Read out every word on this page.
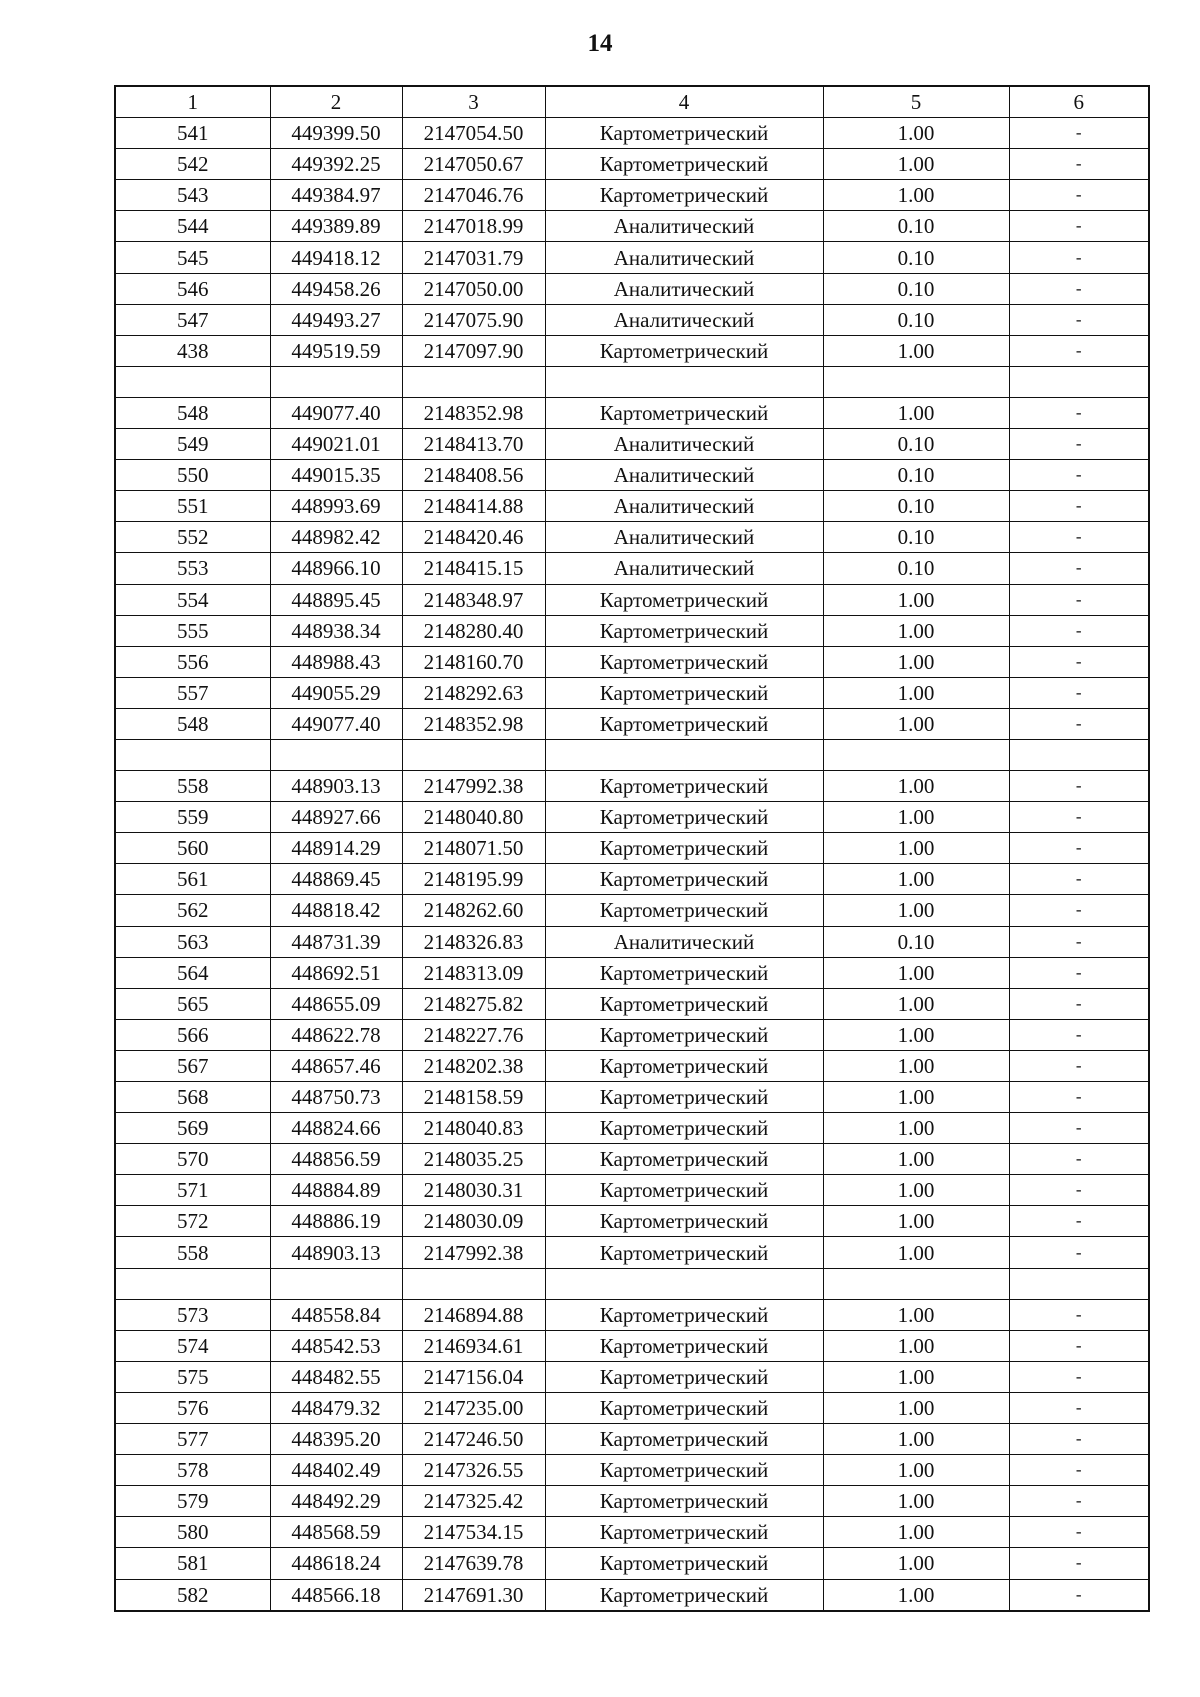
14
1	2	3	4	5	6
541	449399.50	2147054.50	Картометрический	1.00	-
542	449392.25	2147050.67	Картометрический	1.00	-
543	449384.97	2147046.76	Картометрический	1.00	-
544	449389.89	2147018.99	Аналитический	0.10	-
545	449418.12	2147031.79	Аналитический	0.10	-
546	449458.26	2147050.00	Аналитический	0.10	-
547	449493.27	2147075.90	Аналитический	0.10	-
438	449519.59	2147097.90	Картометрический	1.00	-

548	449077.40	2148352.98	Картометрический	1.00	-
549	449021.01	2148413.70	Аналитический	0.10	-
550	449015.35	2148408.56	Аналитический	0.10	-
551	448993.69	2148414.88	Аналитический	0.10	-
552	448982.42	2148420.46	Аналитический	0.10	-
553	448966.10	2148415.15	Аналитический	0.10	-
554	448895.45	2148348.97	Картометрический	1.00	-
555	448938.34	2148280.40	Картометрический	1.00	-
556	448988.43	2148160.70	Картометрический	1.00	-
557	449055.29	2148292.63	Картометрический	1.00	-
548	449077.40	2148352.98	Картометрический	1.00	-

558	448903.13	2147992.38	Картометрический	1.00	-
559	448927.66	2148040.80	Картометрический	1.00	-
560	448914.29	2148071.50	Картометрический	1.00	-
561	448869.45	2148195.99	Картометрический	1.00	-
562	448818.42	2148262.60	Картометрический	1.00	-
563	448731.39	2148326.83	Аналитический	0.10	-
564	448692.51	2148313.09	Картометрический	1.00	-
565	448655.09	2148275.82	Картометрический	1.00	-
566	448622.78	2148227.76	Картометрический	1.00	-
567	448657.46	2148202.38	Картометрический	1.00	-
568	448750.73	2148158.59	Картометрический	1.00	-
569	448824.66	2148040.83	Картометрический	1.00	-
570	448856.59	2148035.25	Картометрический	1.00	-
571	448884.89	2148030.31	Картометрический	1.00	-
572	448886.19	2148030.09	Картометрический	1.00	-
558	448903.13	2147992.38	Картометрический	1.00	-

573	448558.84	2146894.88	Картометрический	1.00	-
574	448542.53	2146934.61	Картометрический	1.00	-
575	448482.55	2147156.04	Картометрический	1.00	-
576	448479.32	2147235.00	Картометрический	1.00	-
577	448395.20	2147246.50	Картометрический	1.00	-
578	448402.49	2147326.55	Картометрический	1.00	-
579	448492.29	2147325.42	Картометрический	1.00	-
580	448568.59	2147534.15	Картометрический	1.00	-
581	448618.24	2147639.78	Картометрический	1.00	-
582	448566.18	2147691.30	Картометрический	1.00	-
